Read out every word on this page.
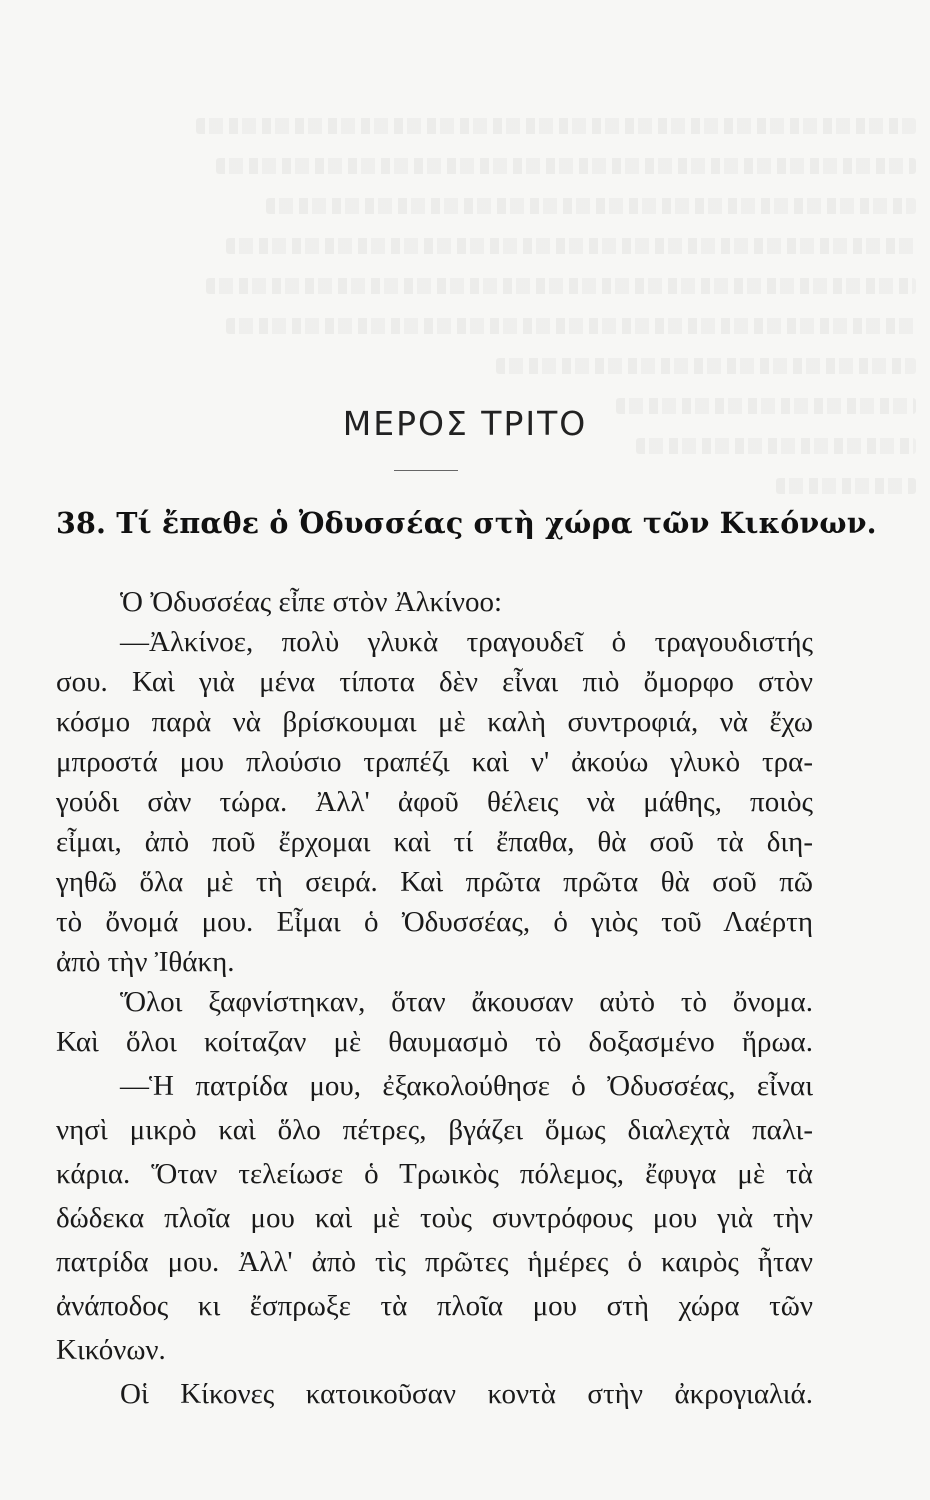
ΜΕΡΟΣ ΤΡΙΤΟ
38. Τί ἔπαθε ὁ Ὀδυσσέας στὴ χώρα τῶν Κικόνων.
Ὁ Ὀδυσσέας εἶπε στὸν Ἀλκίνοο:
—Ἀλκίνοε, πολὺ γλυκὰ τραγουδεῖ ὁ τραγουδιστής
σου. Καὶ γιὰ μένα τίποτα δὲν εἶναι πιὸ ὄμορφο στὸν
κόσμο παρὰ νὰ βρίσκουμαι μὲ καλὴ συντροφιά, νὰ ἔχω
μπροστά μου πλούσιο τραπέζι καὶ ν' ἀκούω γλυκὸ τρα-
γούδι σὰν τώρα. Ἀλλ' ἀφοῦ θέλεις νὰ μάθης, ποιὸς
εἶμαι, ἀπὸ ποῦ ἔρχομαι καὶ τί ἔπαθα, θὰ σοῦ τὰ διη-
γηθῶ ὅλα μὲ τὴ σειρά. Καὶ πρῶτα πρῶτα θὰ σοῦ πῶ
τὸ ὄνομά μου. Εἶμαι ὁ Ὀδυσσέας, ὁ γιὸς τοῦ Λαέρτη
ἀπὸ τὴν Ἰθάκη.
Ὅλοι ξαφνίστηκαν, ὅταν ἄκουσαν αὐτὸ τὸ ὄνομα.
Καὶ ὅλοι κοίταζαν μὲ θαυμασμὸ τὸ δοξασμένο ἥρωα.
—Ἡ πατρίδα μου, ἐξακολούθησε ὁ Ὀδυσσέας, εἶναι
νησὶ μικρὸ καὶ ὅλο πέτρες, βγάζει ὅμως διαλεχτὰ παλι-
κάρια. Ὅταν τελείωσε ὁ Τρωικὸς πόλεμος, ἔφυγα μὲ τὰ
δώδεκα πλοῖα μου καὶ μὲ τοὺς συντρόφους μου γιὰ τὴν
πατρίδα μου. Ἀλλ' ἀπὸ τὶς πρῶτες ἡμέρες ὁ καιρὸς ἦταν
ἀνάποδος κι ἔσπρωξε τὰ πλοῖα μου στὴ χώρα τῶν
Κικόνων.
Οἱ Κίκονες κατοικοῦσαν κοντὰ στὴν ἀκρογιαλιά.
